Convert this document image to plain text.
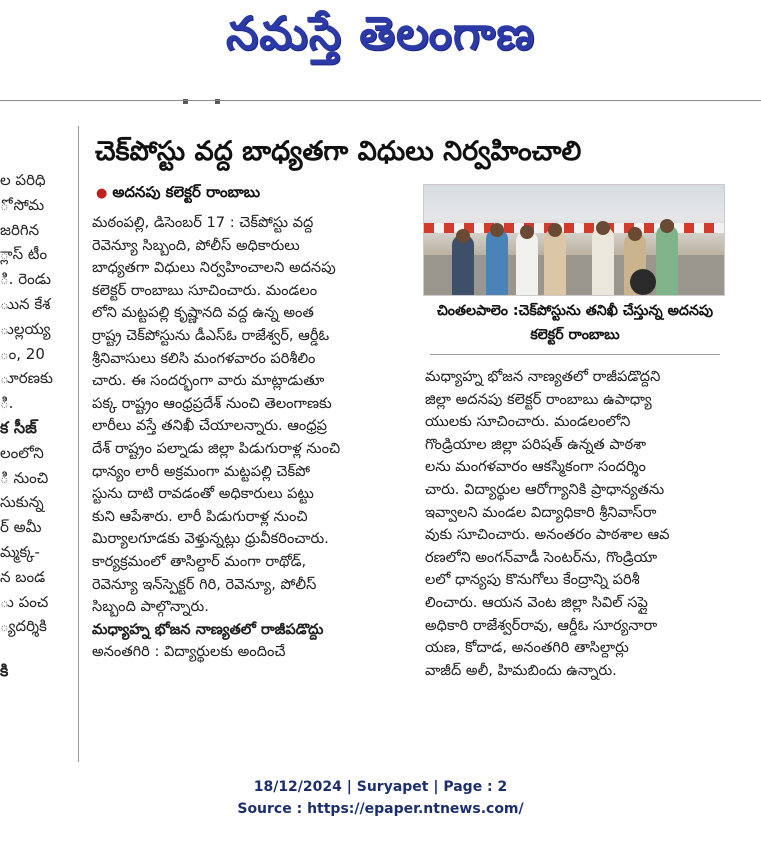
నమస్తే తెలంగాణ
▪	▪
చెక్‌పోస్టు వద్ద బాధ్యతగా విధులు నిర్వహించాలి
ల పరిధి
ో సోమ
జరిగిన
్లాస్ టీం
ి. రెండు
ుున కేశ
ుల్లయ్య
ం, 20
ూరణకు
ి.
క సీజ్
లంలోని
ి నుంచి
సుకున్న
ర్ అమీ
మ్మక్క-
న బండ
ు పంచ
్యదర్శికి
కి
● అదనపు కలెక్టర్ రాంబాబు
మఠంపల్లి, డిసెంబర్ 17 : చెక్‌పోస్టు వద్ద
రెవెన్యూ సిబ్బంది, పోలీస్ అధికారులు
బాధ్యతగా విధులు నిర్వహించాలని అదనపు
కలెక్టర్ రాంబాబు సూచించారు. మండలం
లోని మట్టపల్లి కృష్ణానది వద్ద ఉన్న అంత
ర్రాష్ట్ర చెక్‌పోస్టును డీఎస్‌ఓ రాజేశ్వర్, ఆర్డీఓ
శ్రీనివాసులు కలిసి మంగళవారం పరిశీలిం
చారు. ఈ సందర్భంగా వారు మాట్లాడుతూ
పక్క రాష్ట్రం ఆంధ్రప్రదేశ్ నుంచి తెలంగాణకు
లారీలు వస్తే తనిఖీ చేయాలన్నారు. ఆంధ్రప్ర
దేశ్ రాష్ట్రం పల్నాడు జిల్లా పిడుగురాళ్ల నుంచి
ధాన్యం లారీ అక్రమంగా మట్టపల్లి చెక్‌పో
స్టును దాటి రావడంతో అధికారులు పట్టు
కుని ఆపేశారు. లారీ పిడుగురాళ్ల నుంచి
మిర్యాలగూడకు వెళ్తున్నట్లు ధ్రువీకరించారు.
కార్యక్రమంలో తాసిల్దార్ మంగా రాథోడ్,
రెవెన్యూ ఇన్‌స్పెక్టర్ గిరి, రెవెన్యూ, పోలీస్
సిబ్బంది పాల్గొన్నారు.
మధ్యాహ్న భోజన నాణ్యతలో రాజీపడొద్దు
అనంతగిరి : విద్యార్థులకు అందించే
చింతలపాలెం :చెక్‌పోస్టును తనిఖీ చేస్తున్న అదనపు కలెక్టర్ రాంబాబు
మధ్యాహ్న భోజన నాణ్యతలో రాజీపడొద్దని
జిల్లా అదనపు కలెక్టర్ రాంబాబు ఉపాధ్యా
యులకు సూచించారు. మండలంలోని
గొండ్రియాల జిల్లా పరిషత్ ఉన్నత పాఠశా
లను మంగళవారం ఆకస్మికంగా సందర్శిం
చారు. విద్యార్థుల ఆరోగ్యానికి ప్రాధాన్యతను
ఇవ్వాలని మండల విద్యాధికారి శ్రీనివాస్‌రా
వుకు సూచించారు. అనంతరం పాఠశాల ఆవ
రణలోని అంగన్‌వాడీ సెంటర్‌ను, గొండ్రియా
లలో ధాన్యపు కొనుగోలు కేంద్రాన్ని పరిశీ
లించారు. ఆయన వెంట జిల్లా సివిల్ సప్లై
అధికారి రాజేశ్వర్‌రావు, ఆర్డీఓ సూర్యనారా
యణ, కోదాడ, అనంతగిరి తాసిల్దార్లు
వాజీద్ అలీ, హిమబిందు ఉన్నారు.
18/12/2024 | Suryapet | Page : 2
Source : https://epaper.ntnews.com/
